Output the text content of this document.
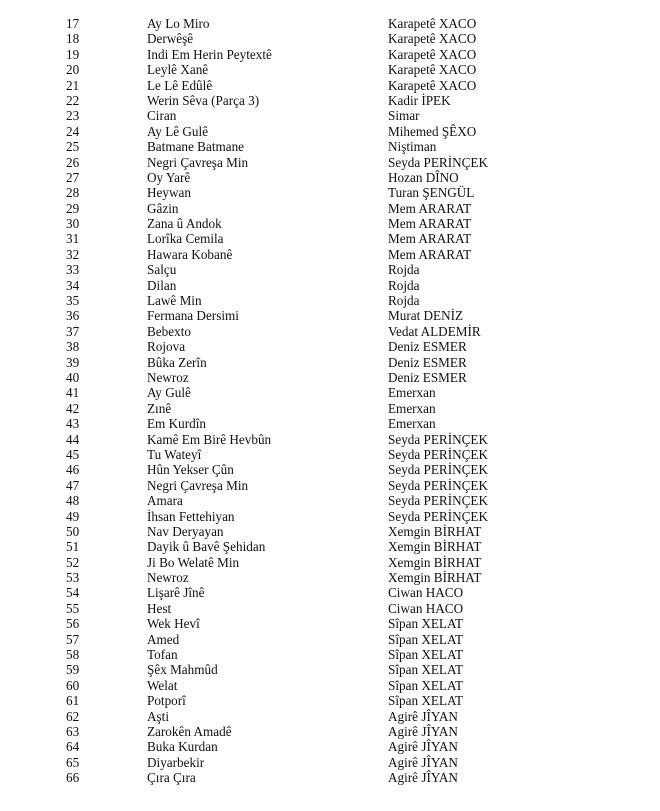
17	Ay Lo Miro	Karapetê XACO
18	Derwêşê	Karapetê XACO
19	Indi Em Herin Peytextê	Karapetê XACO
20	Leylê Xanê	Karapetê XACO
21	Le Lê Edûlê	Karapetê XACO
22	Werin Sêva (Parça 3)	Kadir İPEK
23	Ciran	Simar
24	Ay Lê Gulê	Mihemed ŞÊXO
25	Batmane Batmane	Niştiman
26	Negri Çavreşa Min	Seyda PERİNÇEK
27	Oy Yarê	Hozan DÎNO
28	Heywan	Turan ŞENGÜL
29	Gâzin	Mem ARARAT
30	Zana û Andok	Mem ARARAT
31	Lorîka Cemila	Mem ARARAT
32	Hawara Kobanê	Mem ARARAT
33	Salçu	Rojda
34	Dilan	Rojda
35	Lawê Min	Rojda
36	Fermana Dersimi	Murat DENİZ
37	Bebexto	Vedat ALDEMİR
38	Rojova	Deniz ESMER
39	Bûka Zerîn	Deniz ESMER
40	Newroz	Deniz ESMER
41	Ay Gulê	Emerxan
42	Zınê	Emerxan
43	Em Kurdîn	Emerxan
44	Kamê Em Birê Hevbûn	Seyda PERİNÇEK
45	Tu Wateyî	Seyda PERİNÇEK
46	Hûn Yekser Çûn	Seyda PERİNÇEK
47	Negri Çavreşa Min	Seyda PERİNÇEK
48	Amara	Seyda PERİNÇEK
49	İhsan Fettehiyan	Seyda PERİNÇEK
50	Nav Deryayan	Xemgin BİRHAT
51	Dayik û Bavê Şehidan	Xemgin BİRHAT
52	Ji Bo Welatê Min	Xemgin BİRHAT
53	Newroz	Xemgin BİRHAT
54	Lişarê Jînê	Ciwan HACO
55	Hest	Ciwan HACO
56	Wek Hevî	Sîpan XELAT
57	Amed	Sîpan XELAT
58	Tofan	Sîpan XELAT
59	Şêx Mahmûd	Sîpan XELAT
60	Welat	Sîpan XELAT
61	Potporî	Sîpan XELAT
62	Aşti	Agirê JÎYAN
63	Zarokên Amadê	Agirê JÎYAN
64	Buka Kurdan	Agirê JÎYAN
65	Diyarbekir	Agirê JÎYAN
66	Çıra Çıra	Agirê JÎYAN
